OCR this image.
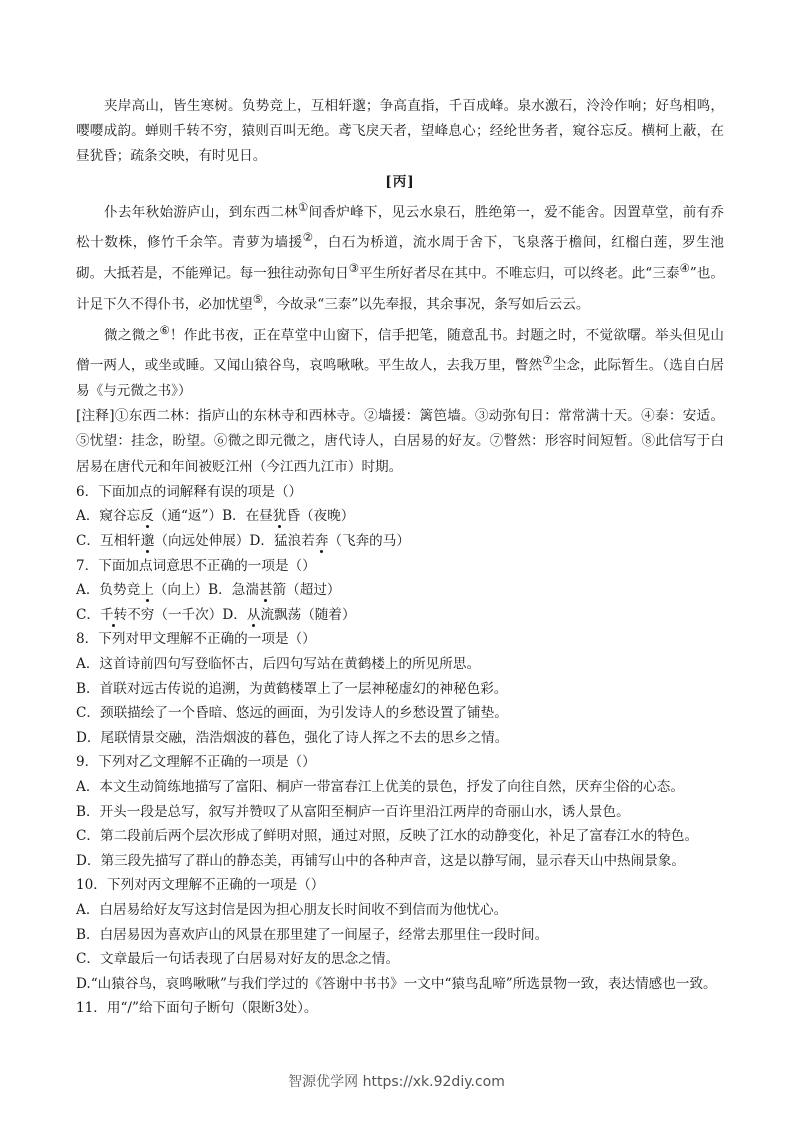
夹岸高山，皆生寒树。负势竞上，互相轩邈；争高直指，千百成峰。泉水激石，泠泠作响；好鸟相鸣，嘤嘤成韵。蝉则千转不穷，猿则百叫无绝。鸢飞戾天者，望峰息心；经纶世务者，窥谷忘反。横柯上蔽，在昼犹昏；疏条交映，有时见日。

[丙]

仆去年秋始游庐山，到东西二林①间香炉峰下，见云水泉石，胜绝第一，爱不能舍。因置草堂，前有乔松十数株，修竹千余竿。青萝为墙援②，白石为桥道，流水周于舍下，飞泉落于檐间，红榴白莲，罗生池砌。大抵若是，不能殚记。每一独往动弥旬日③平生所好者尽在其中。不唯忘归，可以终老。此“三泰④”也。计足下久不得仆书，必加忧望⑤，今故录“三泰”以先奉报，其余事况，条写如后云云。

微之微之⑥！作此书夜，正在草堂中山窗下，信手把笔，随意乱书。封题之时，不觉欲曙。举头但见山僧一两人，或坐或睡。又闻山猿谷鸟，哀鸣啾啾。平生故人，去我万里，瞥然⑦尘念，此际暂生。（选自白居易《与元微之书》）

[注释]①东西二林：指庐山的东林寺和西林寺。②墙援：篱笆墙。③动弥旬日：常常满十天。④泰：安适。⑤忧望：挂念，盼望。⑥微之即元微之，唐代诗人，白居易的好友。⑦瞥然：形容时间短暂。⑧此信写于白居易在唐代元和年间被贬江州（今江西九江市）时期。

6．下面加点的词解释有误的项是（）

A．窥谷忘反（通“返”）B．在昼犹昏（夜晚）

C．互相轩邈（向远处伸展）D．猛浪若奔（飞奔的马）

7．下面加点词意思不正确的一项是（）

A．负势竞上（向上）B．急湍甚箭（超过）

C．千转不穷（一千次）D．从流飘荡（随着）

8．下列对甲文理解不正确的一项是（）

A．这首诗前四句写登临怀古，后四句写站在黄鹤楼上的所见所思。

B．首联对远古传说的追溯，为黄鹤楼罩上了一层神秘虚幻的神秘色彩。

C．颈联描绘了一个昏暗、悠远的画面，为引发诗人的乡愁设置了铺垫。

D．尾联情景交融，浩浩烟波的暮色，强化了诗人挥之不去的思乡之情。

9．下列对乙文理解不正确的一项是（）

A．本文生动简练地描写了富阳、桐庐一带富春江上优美的景色，抒发了向往自然，厌弃尘俗的心态。

B．开头一段是总写，叙写并赞叹了从富阳至桐庐一百许里沿江两岸的奇丽山水，诱人景色。

C．第二段前后两个层次形成了鲜明对照，通过对照，反映了江水的动静变化，补足了富春江水的特色。

D．第三段先描写了群山的静态美，再铺写山中的各种声音，这是以静写闹，显示春天山中热闹景象。

10．下列对丙文理解不正确的一项是（）

A．白居易给好友写这封信是因为担心朋友长时间收不到信而为他忧心。

B．白居易因为喜欢庐山的风景在那里建了一间屋子，经常去那里住一段时间。

C．文章最后一句话表现了白居易对好友的思念之情。

D.“山猿谷鸟，哀鸣啾啾”与我们学过的《答谢中书书》一文中“猿鸟乱啼”所选景物一致，表达情感也一致。

11．用“/”给下面句子断句（限断3处）。

智源优学网 https://xk.92diy.com
